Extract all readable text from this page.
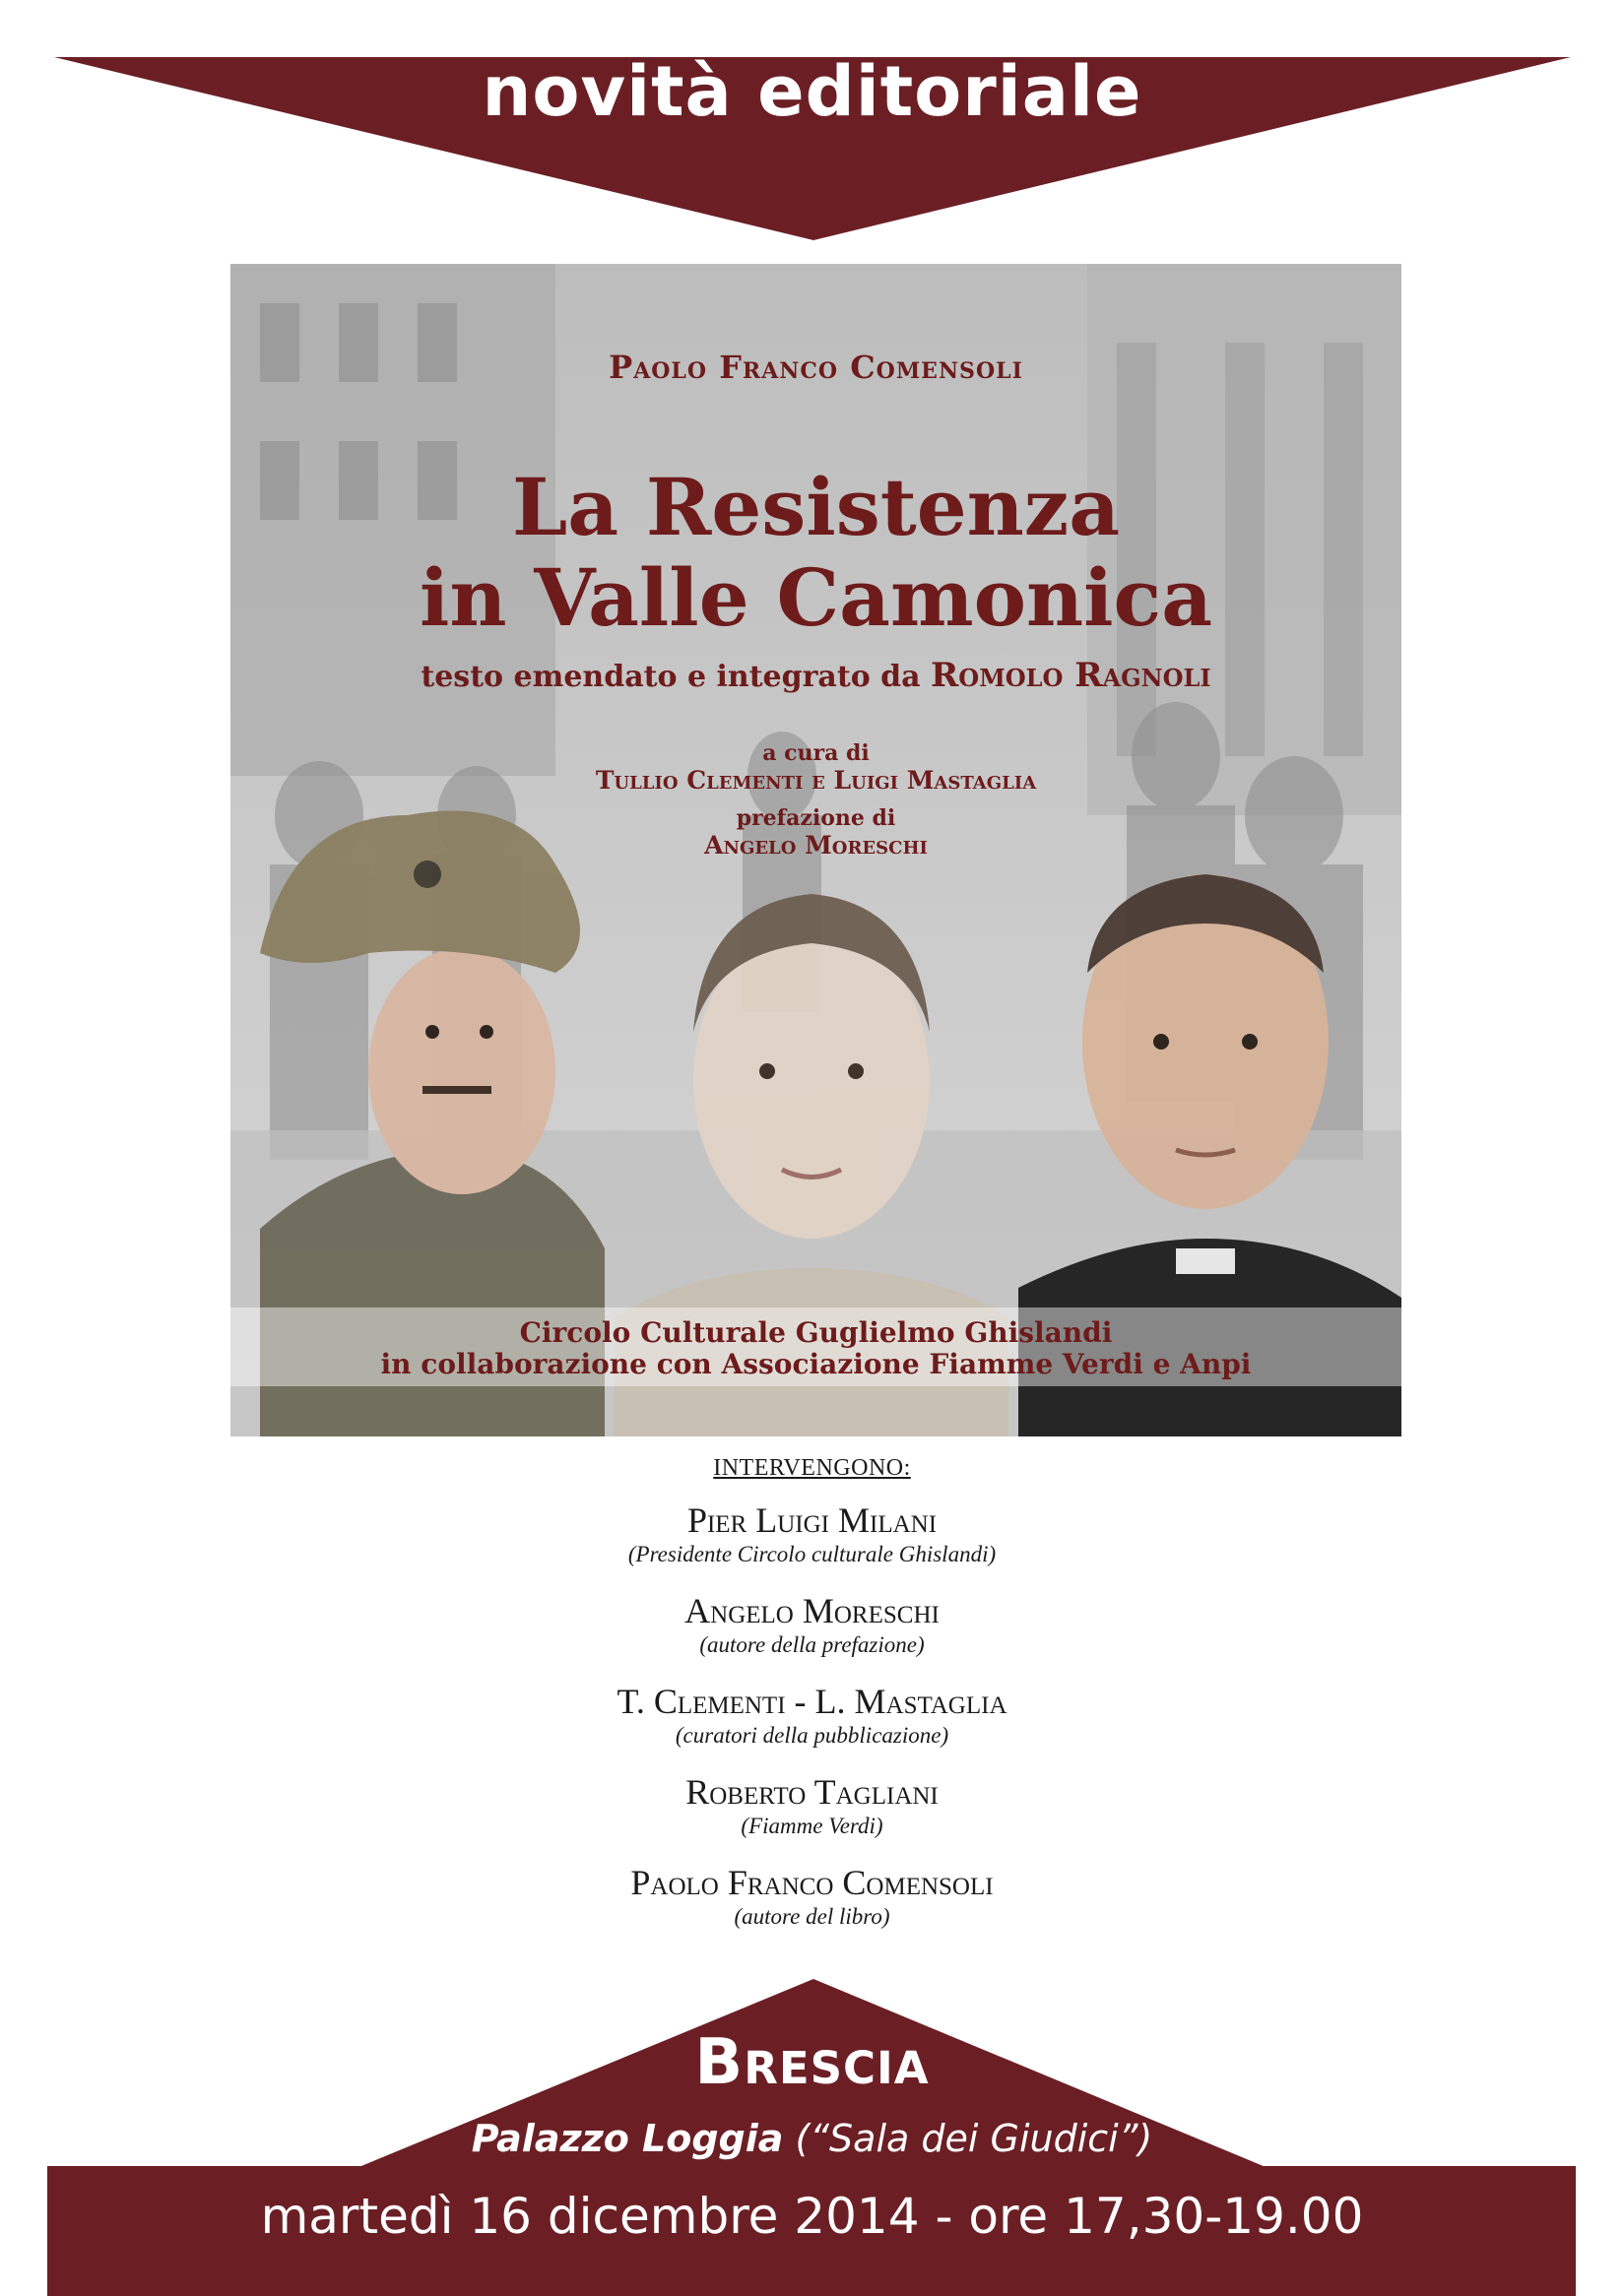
novità editoriale
Paolo Franco Comensoli
La Resistenza
in Valle Camonica
testo emendato e integrato da Romolo Ragnoli
a cura di
Tullio Clementi e Luigi Mastaglia
prefazione di
Angelo Moreschi
Circolo Culturale Guglielmo Ghislandi
in collaborazione con Associazione Fiamme Verdi e Anpi
INTERVENGONO:
Pier Luigi Milani
(Presidente Circolo culturale Ghislandi)
Angelo Moreschi
(autore della prefazione)
T. Clementi - L. Mastaglia
(curatori della pubblicazione)
Roberto Tagliani
(Fiamme Verdi)
Paolo Franco Comensoli
(autore del libro)
Brescia
Palazzo Loggia (“Sala dei Giudici”)
martedì 16 dicembre 2014 - ore 17,30-19.00
